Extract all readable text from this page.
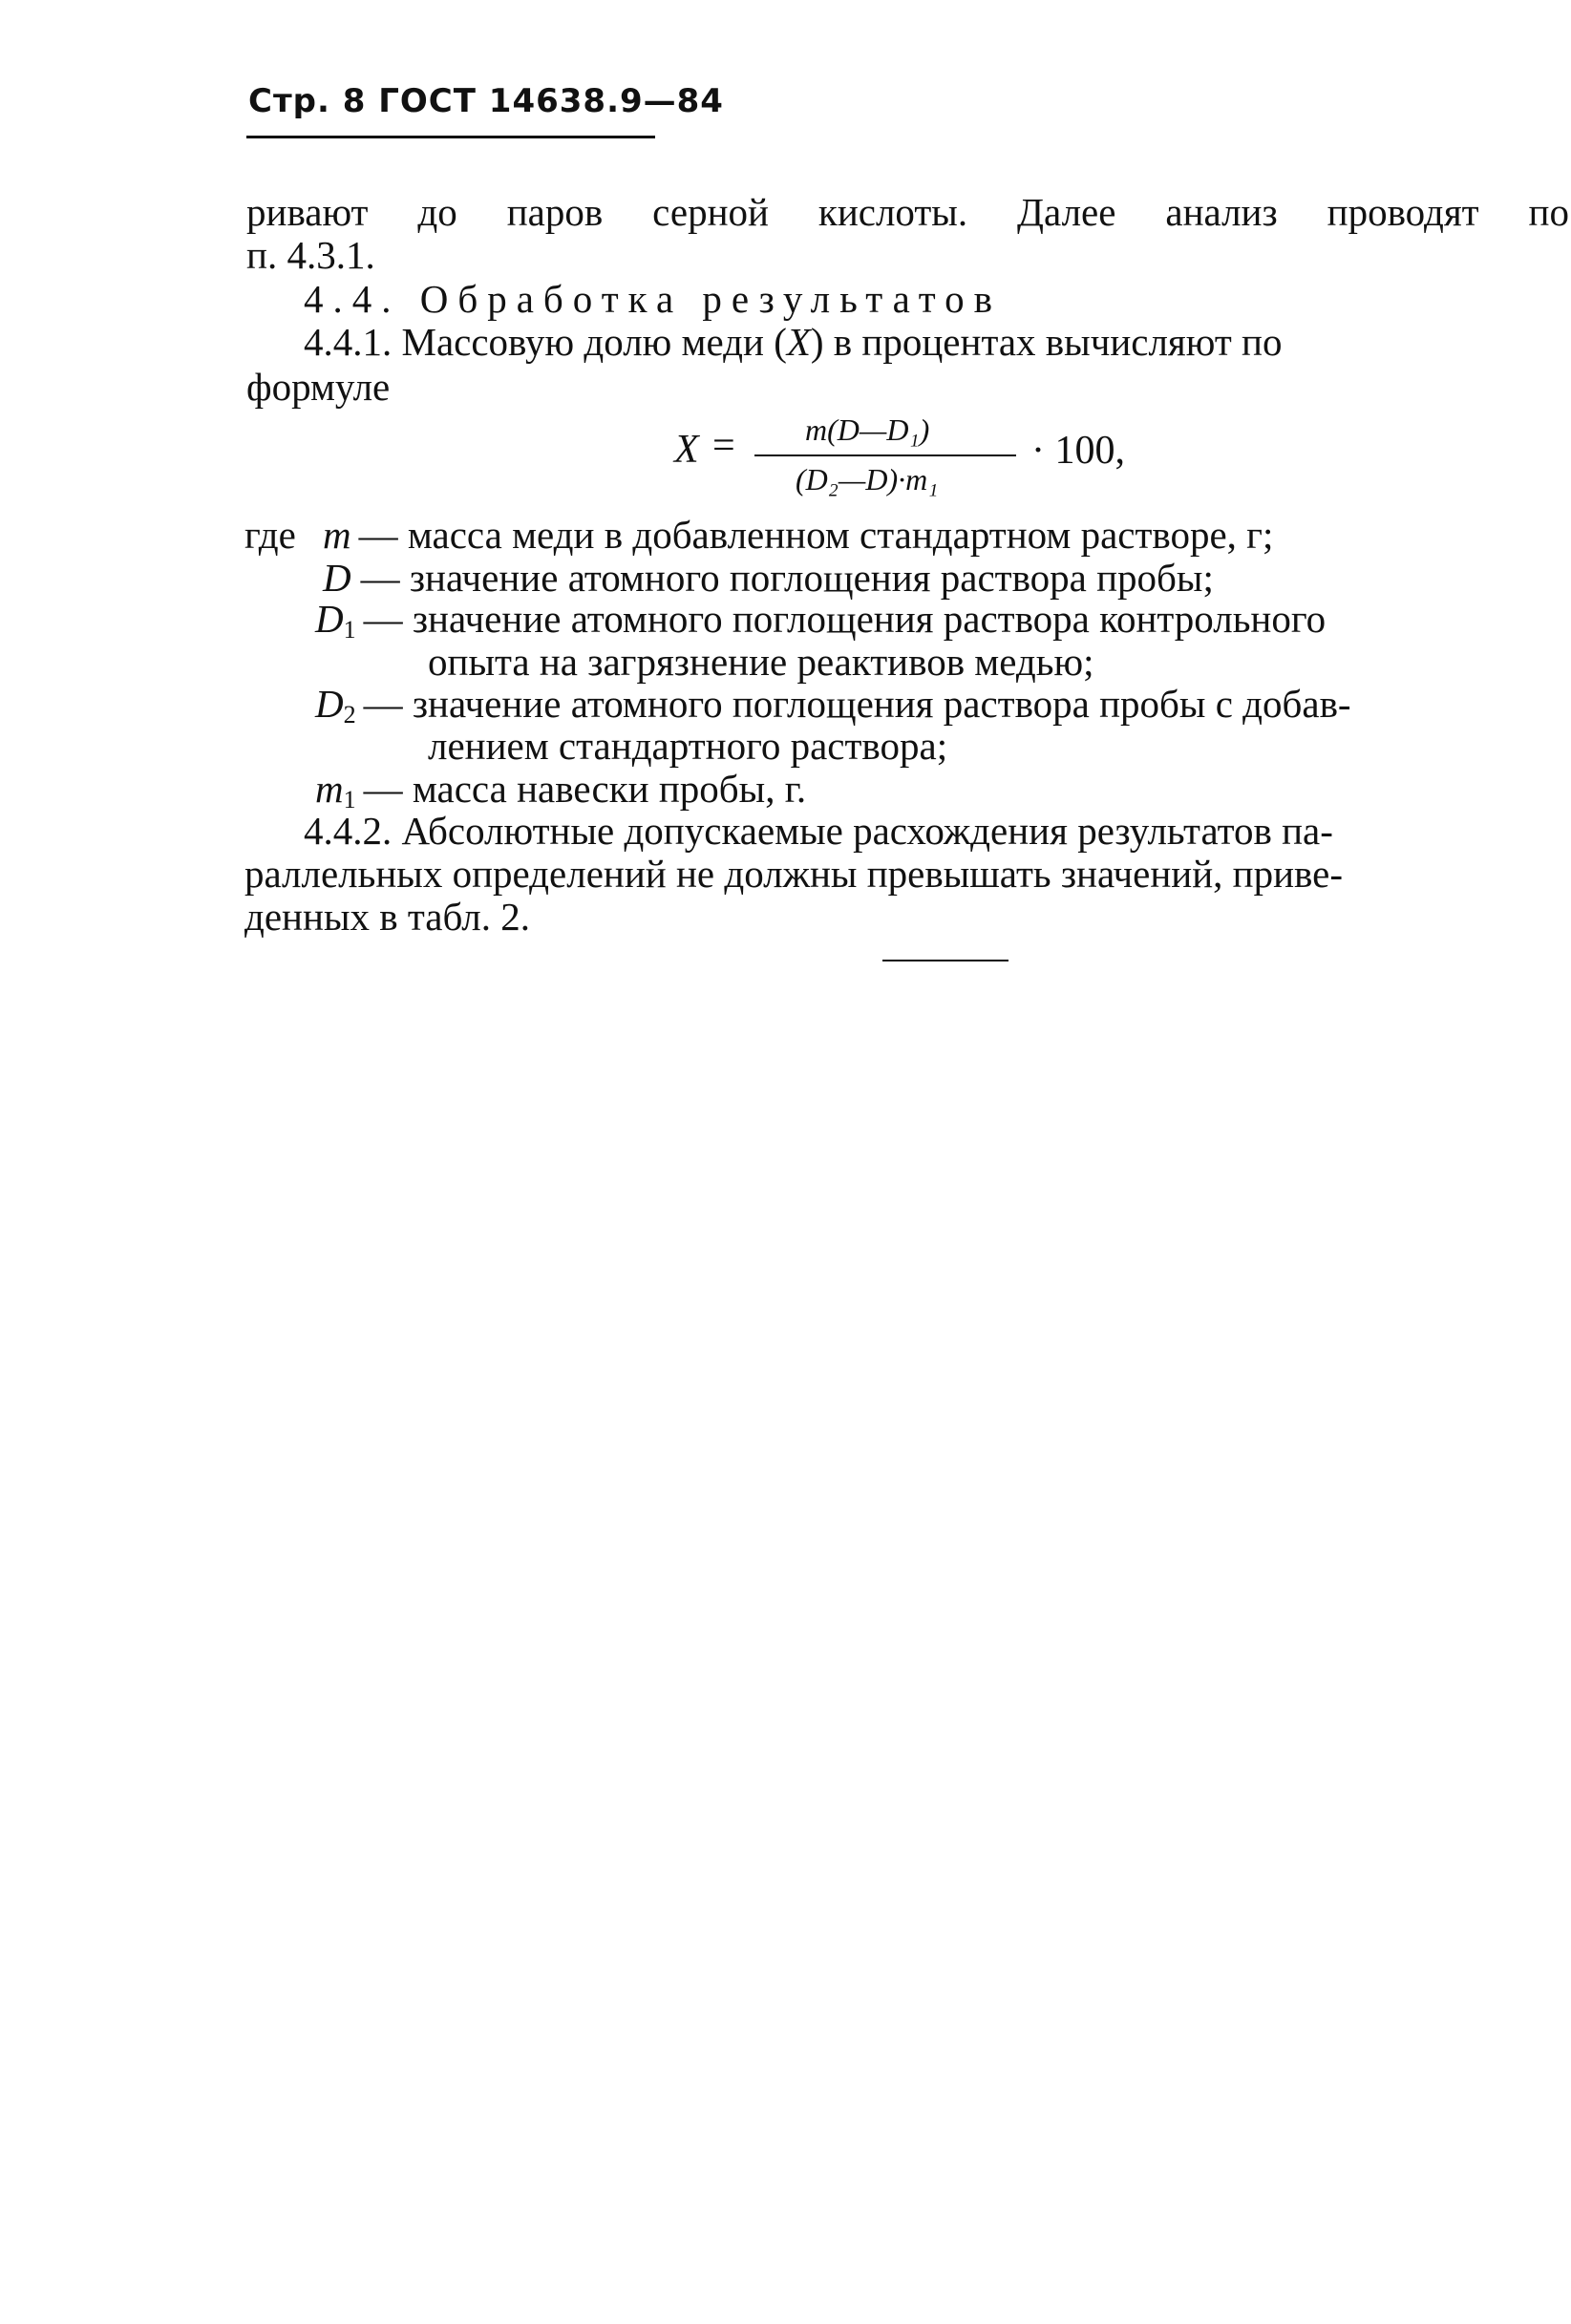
Стр. 8 ГОСТ 14638.9—84
ривают до паров серной кислоты. Далее анализ проводят по
п. 4.3.1.
4.4. Обработка результатов
4.4.1. Массовую долю меди (X) в процентах вычисляют по
формуле
X = m(D—D₁)
(D₂—D)·m₁
· 100,
где m — масса меди в добавленном стандартном растворе, г;
D — значение атомного поглощения раствора пробы;
$D_1$ — значение атомного поглощения раствора контрольного
опыта на загрязнение реактивов медью;
$D_2$ — значение атомного поглощения раствора пробы с добав-
лением стандартного раствора;
$m_1$ — масса навески пробы, г.
4.4.2. Абсолютные допускаемые расхождения результатов па-
раллельных определений не должны превышать значений, приве-
денных в табл. 2.
